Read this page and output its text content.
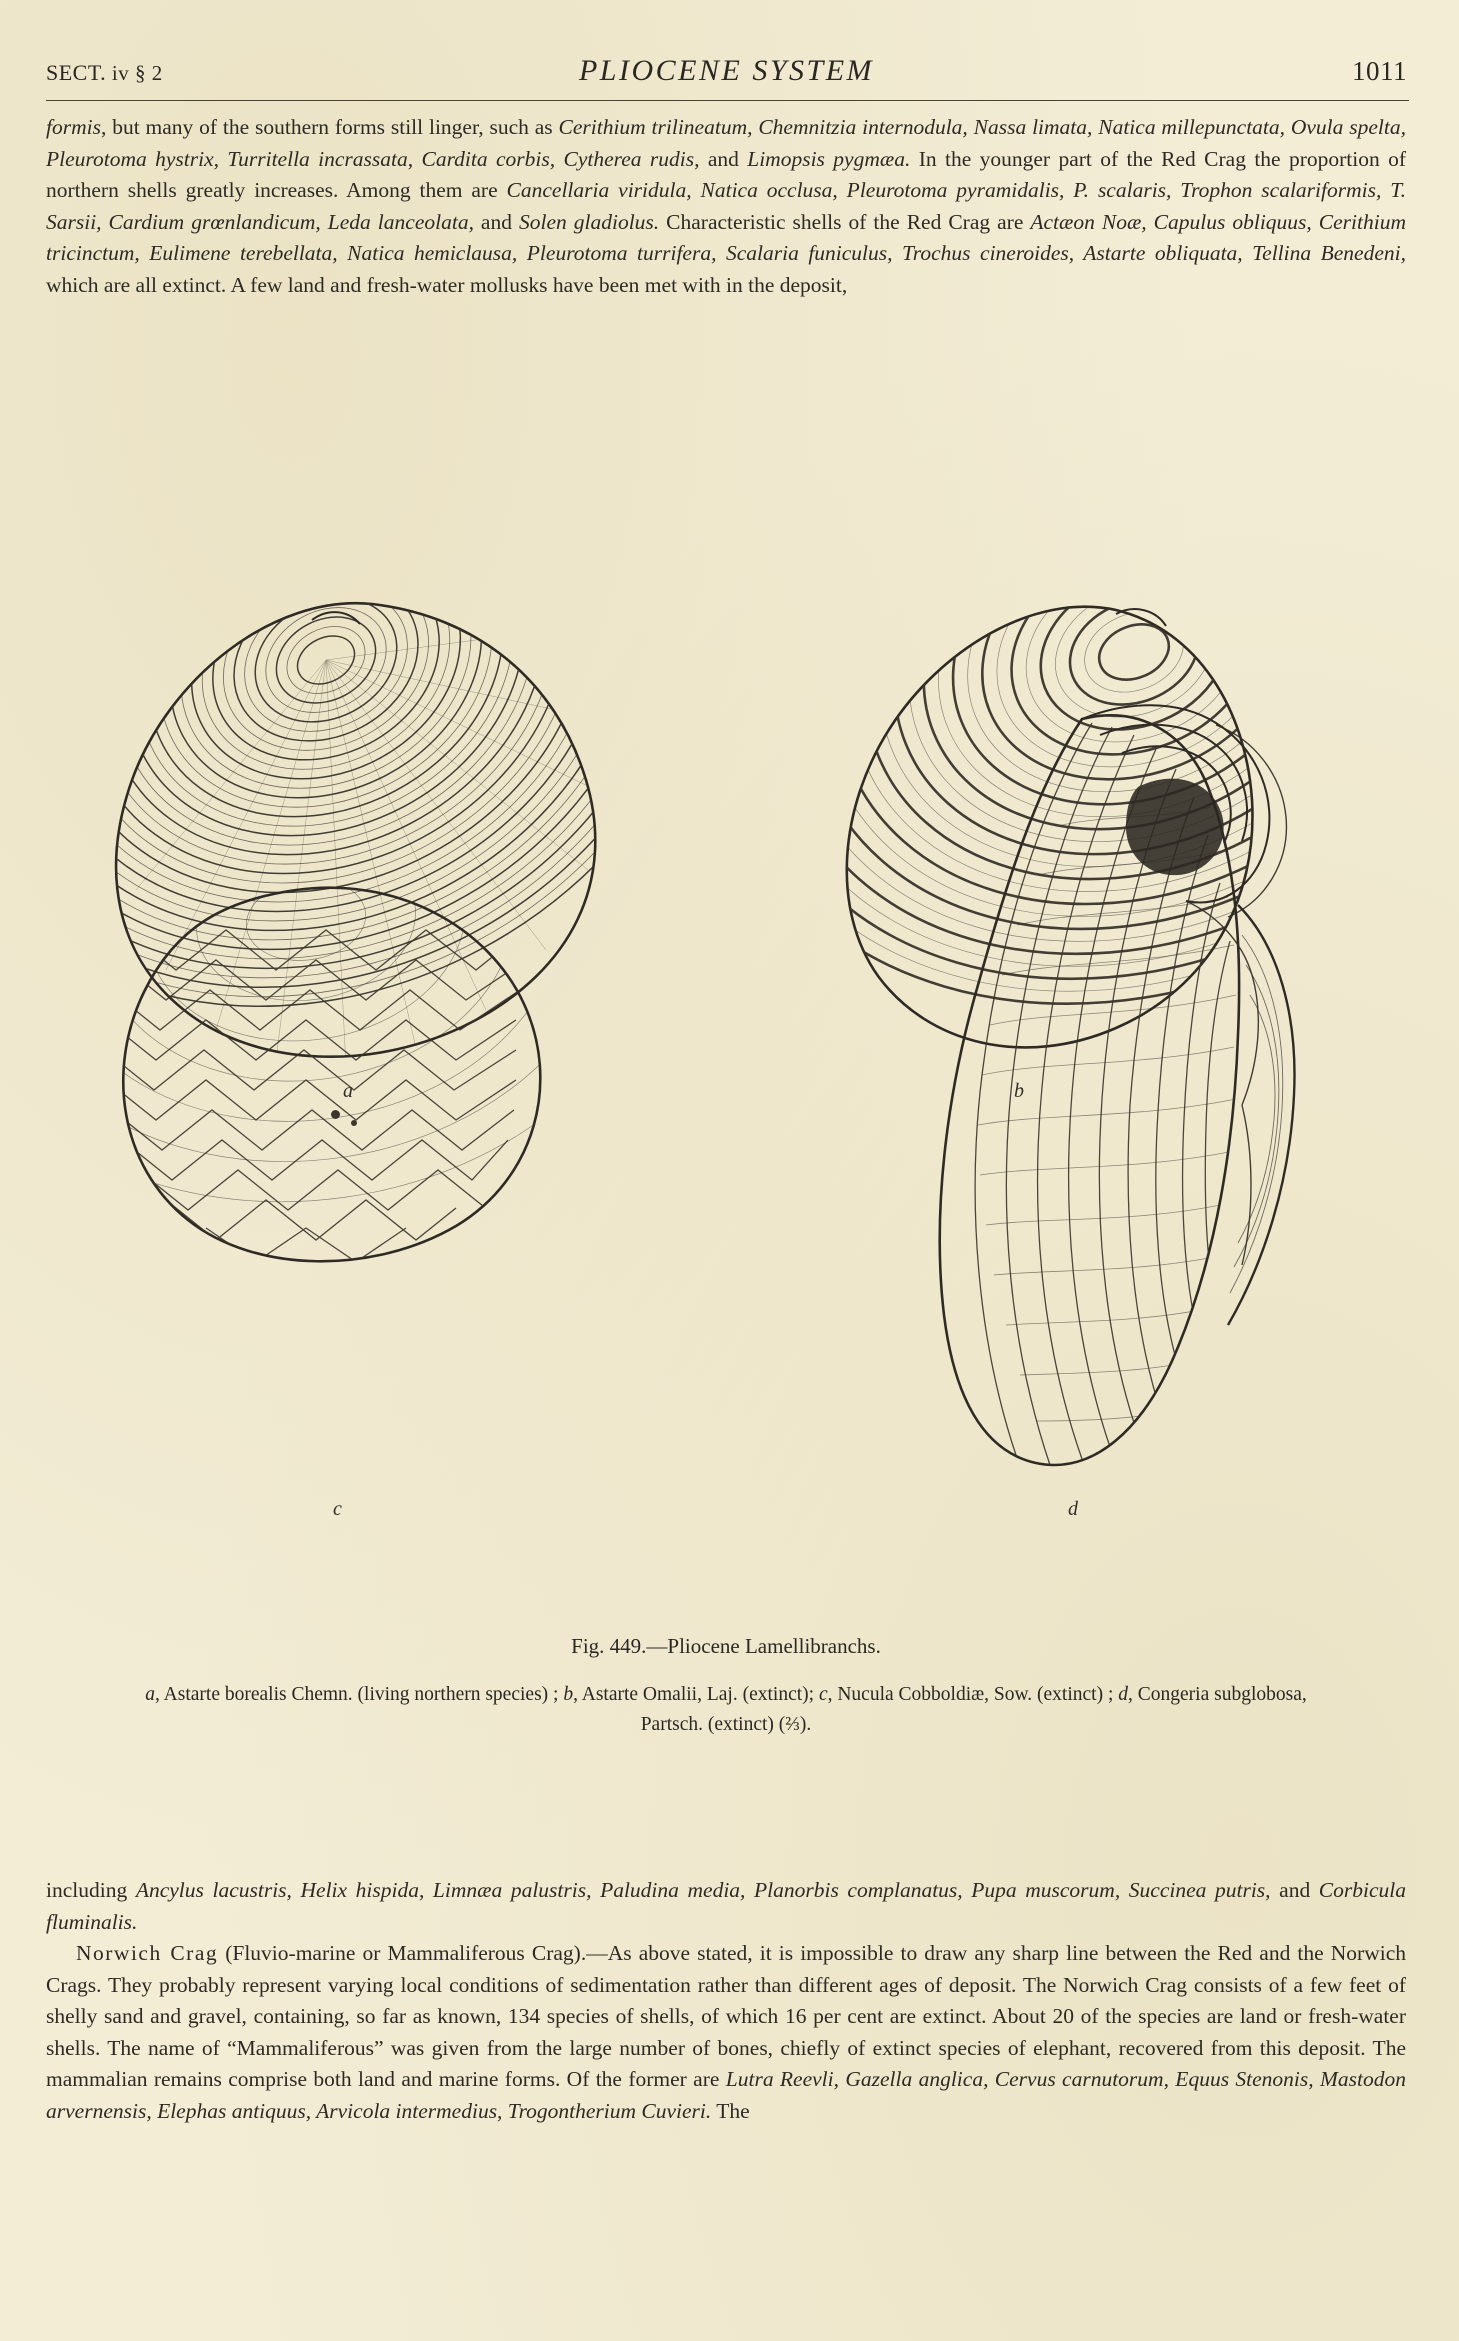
SECT. iv § 2	PLIOCENE SYSTEM	1011

formis, but many of the southern forms still linger, such as Cerithium trilineatum, Chemnitzia internodula, Nassa limata, Natica millepunctata, Ovula spelta, Pleurotoma hystrix, Turritella incrassata, Cardita corbis, Cytherea rudis, and Limopsis pygmæa. In the younger part of the Red Crag the proportion of northern shells greatly increases. Among them are Cancellaria viridula, Natica occlusa, Pleurotoma pyramidalis, P. scalaris, Trophon scalariformis, T. Sarsii, Cardium grœnlandicum, Leda lanceolata, and Solen gladiolus. Characteristic shells of the Red Crag are Actæon Noæ, Capulus obliquus, Cerithium tricinctum, Eulimene terebellata, Natica hemiclausa, Pleurotoma turrifera, Scalaria funiculus, Trochus cineroides, Astarte obliquata, Tellina Benedeni, which are all extinct. A few land and fresh-water mollusks have been met with in the deposit,

a	b
c	d
Fig. 449.—Pliocene Lamellibranchs.
a, Astarte borealis Chemn. (living northern species) ; b, Astarte Omalii, Laj. (extinct); c, Nucula Cobboldiæ, Sow. (extinct) ; d, Congeria subglobosa, Partsch. (extinct) (⅔).

including Ancylus lacustris, Helix hispida, Limnæa palustris, Paludina media, Planorbis complanatus, Pupa muscorum, Succinea putris, and Corbicula fluminalis.

Norwich Crag (Fluvio-marine or Mammaliferous Crag).—As above stated, it is impossible to draw any sharp line between the Red and the Norwich Crags. They probably represent varying local conditions of sedimentation rather than different ages of deposit. The Norwich Crag consists of a few feet of shelly sand and gravel, containing, so far as known, 134 species of shells, of which 16 per cent are extinct. About 20 of the species are land or fresh-water shells. The name of “Mammaliferous” was given from the large number of bones, chiefly of extinct species of elephant, recovered from this deposit. The mammalian remains comprise both land and marine forms. Of the former are Lutra Reevli, Gazella anglica, Cervus carnutorum, Equus Stenonis, Mastodon arvernensis, Elephas antiquus, Arvicola intermedius, Trogontherium Cuvieri. The
